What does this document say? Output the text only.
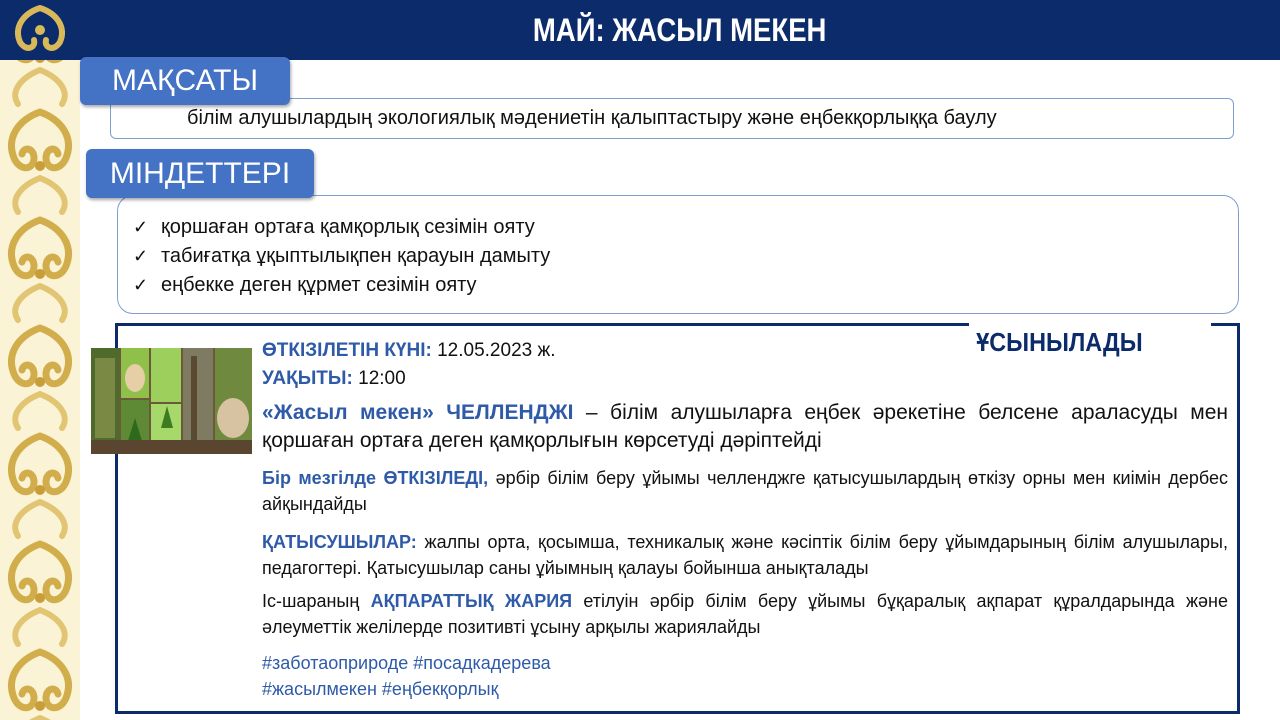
МАЙ: ЖАСЫЛ МЕКЕН
білім алушылардың экологиялық мәдениетін қалыптастыру және еңбекқорлыққа баулу
МАҚСАТЫ
✓ қоршаған ортаға қамқорлық сезімін ояту
✓ табиғатқа ұқыптылықпен қарауын дамыту
✓ еңбекке деген құрмет сезімін ояту
МІНДЕТТЕРІ
ҰСЫНЫЛАДЫ
ӨТКІЗІЛЕТІН КҮНІ: 12.05.2023 ж.
УАҚЫТЫ: 12:00
«Жасыл мекен» ЧЕЛЛЕНДЖІ – білім алушыларға еңбек әрекетіне белсене араласуды мен қоршаған ортаға деген қамқорлығын көрсетуді дәріптейді
Бір мезгілде ӨТКІЗІЛЕДІ, әрбір білім беру ұйымы челленджге қатысушылардың өткізу орны мен киімін дербес айқындайды
ҚАТЫСУШЫЛАР: жалпы орта, қосымша, техникалық және кәсіптік білім беру ұйымдарының білім алушылары, педагогтері. Қатысушылар саны ұйымның қалауы бойынша анықталады
Іс-шараның АҚПАРАТТЫҚ ЖАРИЯ етілуін әрбір білім беру ұйымы бұқаралық ақпарат құралдарында және әлеуметтік желілерде позитивті ұсыну арқылы жариялайды
#заботаоприроде #посадкадерева
#жасылмекен #еңбекқорлық
